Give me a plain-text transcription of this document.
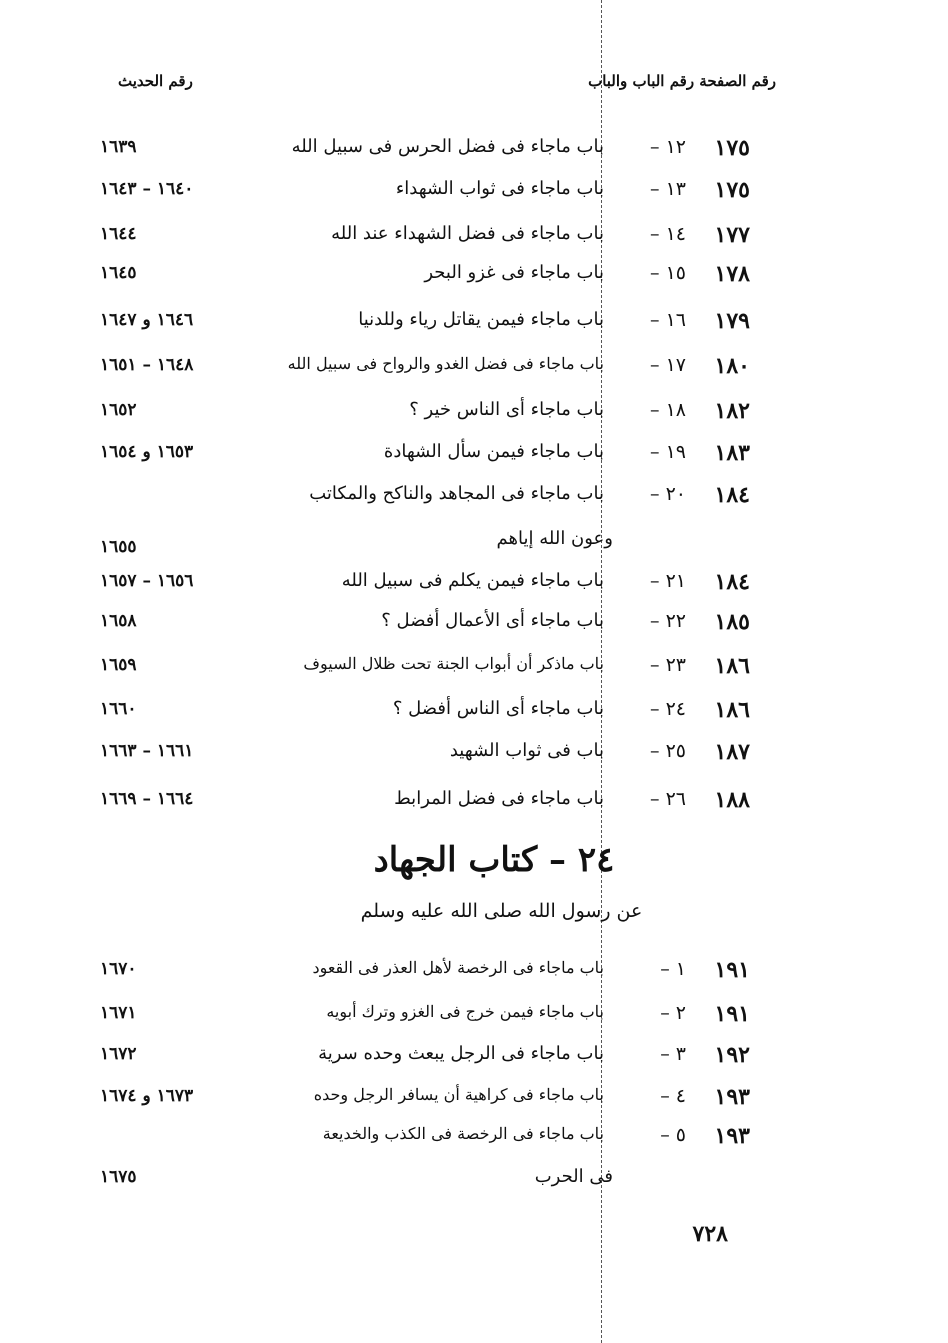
رقم الصفحة رقم الباب والباب
رقم الحديث
١٧٥
١٢ –
باب ماجاء فى فضل الحرس فى سبيل الله
١٦٣٩
١٧٥
١٣ –
باب ماجاء فى ثواب الشهداء
١٦٤٠ – ١٦٤٣
١٧٧
١٤ –
باب ماجاء فى فضل الشهداء عند الله
١٦٤٤
١٧٨
١٥ –
باب ماجاء فى غزو البحر
١٦٤٥
١٧٩
١٦ –
باب ماجاء فيمن يقاتل رياء وللدنيا
١٦٤٦ و ١٦٤٧
١٨٠
١٧ –
باب ماجاء فى فضل الغدو والرواح فى سبيل الله
١٦٤٨ – ١٦٥١
١٨٢
١٨ –
باب ماجاء أى الناس خير ؟
١٦٥٢
١٨٣
١٩ –
باب ماجاء فيمن سأل الشهادة
١٦٥٣ و ١٦٥٤
١٨٤
٢٠ –
باب ماجاء فى المجاهد والناكح والمكاتب
وعون الله إياهم
١٦٥٥
١٨٤
٢١ –
باب ماجاء فيمن يكلم فى سبيل الله
١٦٥٦ – ١٦٥٧
١٨٥
٢٢ –
باب ماجاء أى الأعمال أفضل ؟
١٦٥٨
١٨٦
٢٣ –
باب ماذكر أن أبواب الجنة تحت ظلال السيوف
١٦٥٩
١٨٦
٢٤ –
باب ماجاء أى الناس أفضل ؟
١٦٦٠
١٨٧
٢٥ –
باب فى ثواب الشهيد
١٦٦١ – ١٦٦٣
١٨٨
٢٦ –
باب ماجاء فى فضل المرابط
١٦٦٤ – ١٦٦٩
٢٤ – كتاب الجهاد
عن رسول الله صلى الله عليه وسلم
١٩١
١ –
باب ماجاء فى الرخصة لأهل العذر فى القعود
١٦٧٠
١٩١
٢ –
باب ماجاء فيمن خرج فى الغزو وترك أبويه
١٦٧١
١٩٢
٣ –
باب ماجاء فى الرجل يبعث وحده سرية
١٦٧٢
١٩٣
٤ –
باب ماجاء فى كراهية أن يسافر الرجل وحده
١٦٧٣ و ١٦٧٤
١٩٣
٥ –
باب ماجاء فى الرخصة فى الكذب والخديعة
فى الحرب
١٦٧٥
٧٢٨
